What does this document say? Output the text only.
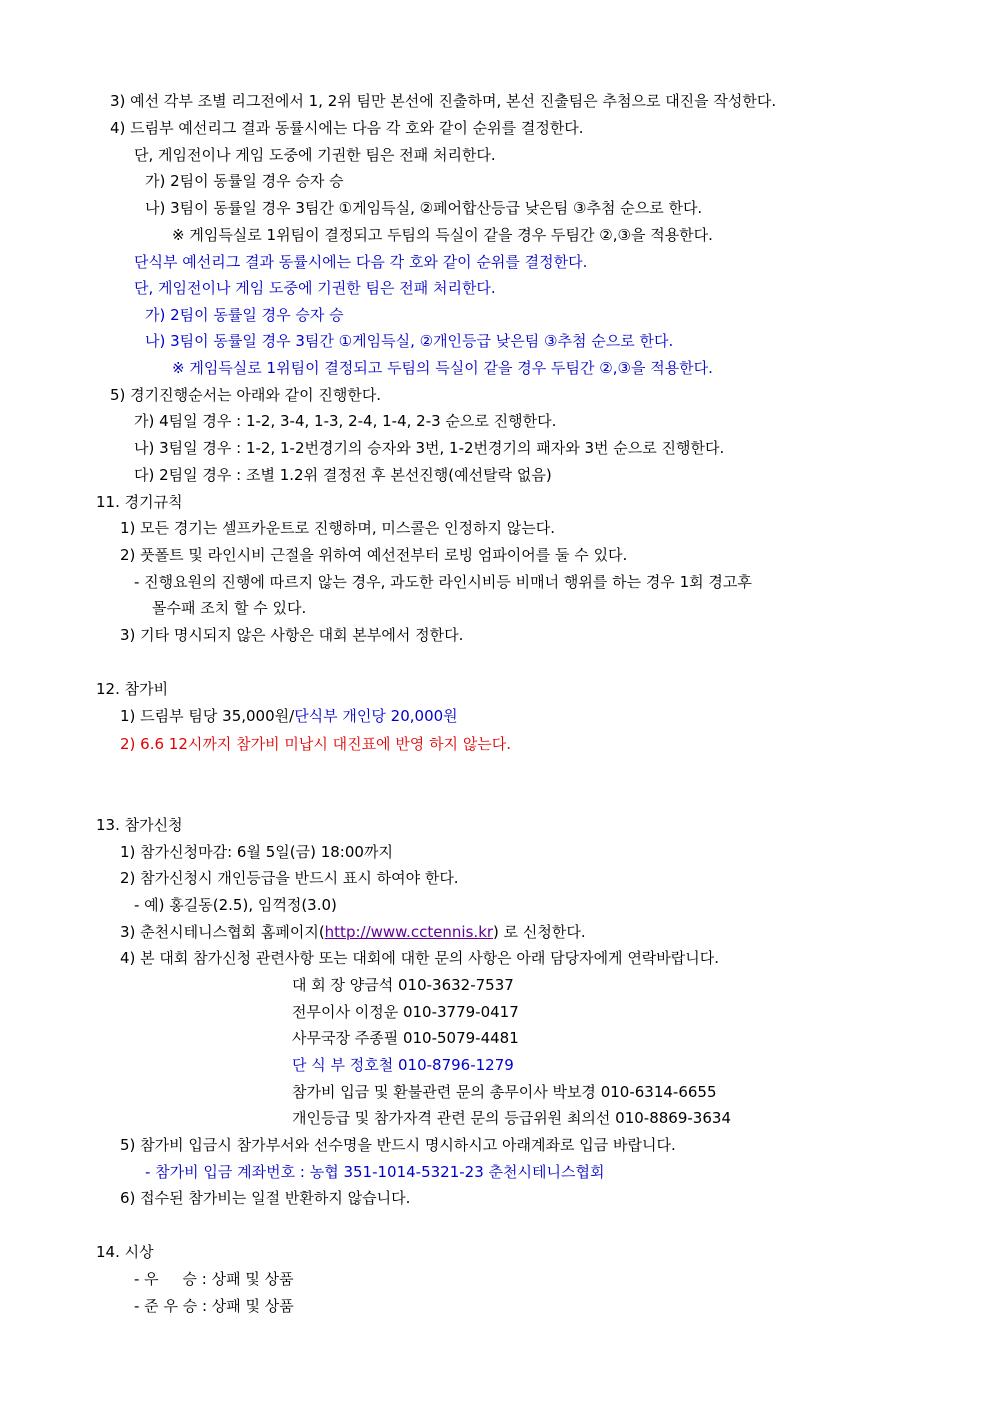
3) 예선 각부 조별 리그전에서 1, 2위 팀만 본선에 진출하며, 본선 진출팀은 추첨으로 대진을 작성한다.
4) 드림부 예선리그 결과 동률시에는 다음 각 호와 같이 순위를 결정한다.
단, 게임전이나 게임 도중에 기권한 팀은 전패 처리한다.
가) 2팀이 동률일 경우 승자 승
나) 3팀이 동률일 경우 3팀간 ①게임득실, ②페어합산등급 낮은팀 ③추첨 순으로 한다.
※ 게임득실로 1위팀이 결정되고 두팀의 득실이 같을 경우 두팀간 ②,③을 적용한다.
단식부 예선리그 결과 동률시에는 다음 각 호와 같이 순위를 결정한다.
단, 게임전이나 게임 도중에 기권한 팀은 전패 처리한다.
가) 2팀이 동률일 경우 승자 승
나) 3팀이 동률일 경우 3팀간 ①게임득실, ②개인등급 낮은팀 ③추첨 순으로 한다.
※ 게임득실로 1위팀이 결정되고 두팀의 득실이 같을 경우 두팀간 ②,③을 적용한다.
5) 경기진행순서는 아래와 같이 진행한다.
가) 4팀일 경우 : 1-2, 3-4, 1-3, 2-4, 1-4, 2-3 순으로 진행한다.
나) 3팀일 경우 : 1-2, 1-2번경기의 승자와 3번, 1-2번경기의 패자와 3번 순으로 진행한다.
다) 2팀일 경우 : 조별 1.2위 결정전 후 본선진행(예선탈락 없음)
11. 경기규칙
1) 모든 경기는 셀프카운트로 진행하며, 미스콜은 인정하지 않는다.
2) 풋폴트 및 라인시비 근절을 위하여 예선전부터 로빙 엄파이어를 둘 수 있다.
- 진행요원의 진행에 따르지 않는 경우, 과도한 라인시비등 비매너 행위를 하는 경우 1회 경고후
몰수패 조치 할 수 있다.
3) 기타 명시되지 않은 사항은 대회 본부에서 정한다.
12. 참가비
1) 드림부 팀당 35,000원/단식부 개인당 20,000원
2) 6.6 12시까지 참가비 미납시 대진표에 반영 하지 않는다.
13. 참가신청
1) 참가신청마감: 6월 5일(금) 18:00까지
2) 참가신청시 개인등급을 반드시 표시 하여야 한다.
- 예) 홍길동(2.5), 임꺽정(3.0)
3) 춘천시테니스협회 홈페이지(http://www.cctennis.kr) 로 신청한다.
4) 본 대회 참가신청 관련사항 또는 대회에 대한 문의 사항은 아래 담당자에게 연락바랍니다.
대 회 장 양금석 010-3632-7537
전무이사 이정운 010-3779-0417
사무국장 주종필 010-5079-4481
단 식 부 정호철 010-8796-1279
참가비 입금 및 환불관련 문의 총무이사 박보경 010-6314-6655
개인등급 및 참가자격 관련 문의 등급위원 최의선 010-8869-3634
5) 참가비 입금시 참가부서와 선수명을 반드시 명시하시고 아래계좌로 입금 바랍니다.
- 참가비 입금 계좌번호 : 농협 351-1014-5321-23 춘천시테니스협회
6) 접수된 참가비는 일절 반환하지 않습니다.
14. 시상
- 우     승 : 상패 및 상품
- 준 우 승 : 상패 및 상품
